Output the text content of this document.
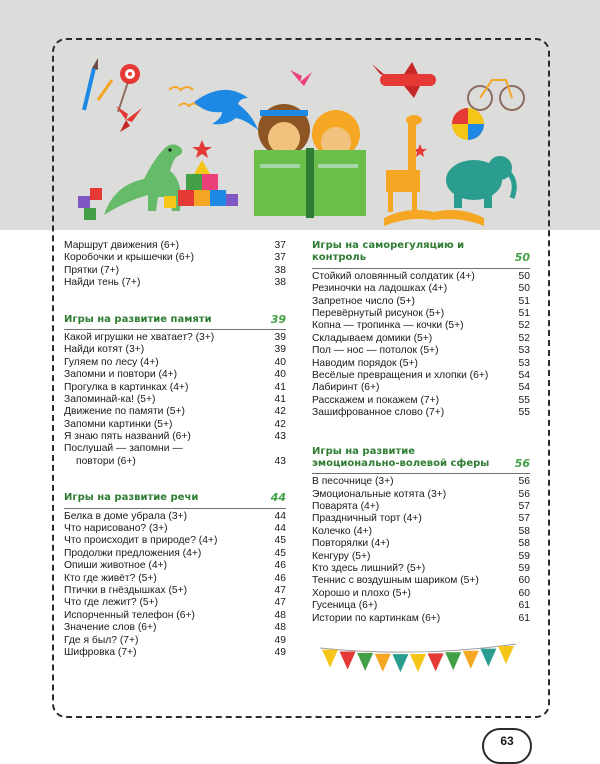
Маршрут движения (6+)	37
Коробочки и крышечки (6+)	37
Прятки (7+)	38
Найди тень (7+)	38
Игры на развитие памяти	39
Какой игрушки не хватает? (3+)	39
Найди котят (3+)	39
Гуляем по лесу (4+)	40
Запомни и повтори (4+)	40
Прогулка в картинках (4+)	41
Запоминай-ка! (5+)	41
Движение по памяти (5+)	42
Запомни картинки (5+)	42
Я знаю пять названий (6+)	43
Послушай — запомни —
повтори (6+)	43
Игры на развитие речи	44
Белка в доме убрала (3+)	44
Что нарисовано? (3+)	44
Что происходит в природе? (4+)	45
Продолжи предложения (4+)	45
Опиши животное (4+)	46
Кто где живёт? (5+)	46
Птички в гнёздышках (5+)	47
Что где лежит? (5+)	47
Испорченный телефон (6+)	48
Значение слов (6+)	48
Где я был? (7+)	49
Шифровка (7+)	49
Игры на саморегуляцию и контроль	50
Стойкий оловянный солдатик (4+)	50
Резиночки на ладошках (4+)	50
Запретное число (5+)	51
Перевёрнутый рисунок (5+)	51
Копна — тропинка — кочки (5+)	52
Складываем домики (5+)	52
Пол — нос — потолок (5+)	53
Наводим порядок (5+)	53
Весёлые превращения и хлопки (6+)	54
Лабиринт (6+)	54
Расскажем и покажем (7+)	55
Зашифрованное слово (7+)	55
Игры на развитие
эмоционально-волевой сферы 56
В песочнице (3+)	56
Эмоциональные котята (3+)	56
Поварята (4+)	57
Праздничный торт (4+)	57
Колечко (4+)	58
Повторялки (4+)	58
Кенгуру (5+)	59
Кто здесь лишний? (5+)	59
Теннис с воздушным шариком (5+)	60
Хорошо и плохо (5+)	60
Гусеница (6+)	61
Истории по картинкам (6+)	61
63
